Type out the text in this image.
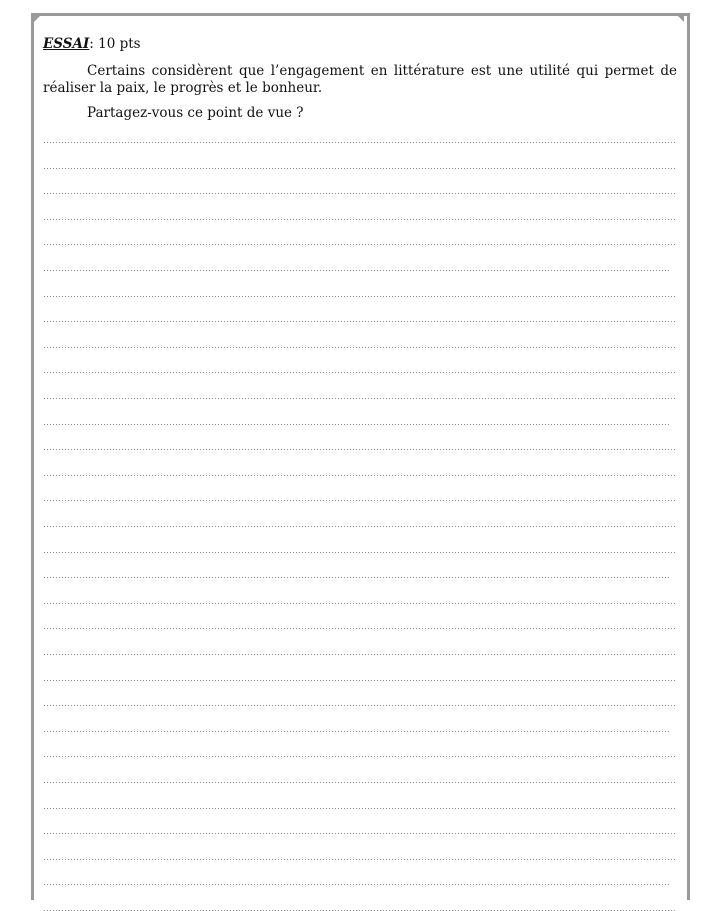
ESSAI: 10 pts

Certains considèrent que l’engagement en littérature est une utilité qui permet de réaliser la paix, le progrès et le bonheur.

Partagez-vous ce point de vue ?
